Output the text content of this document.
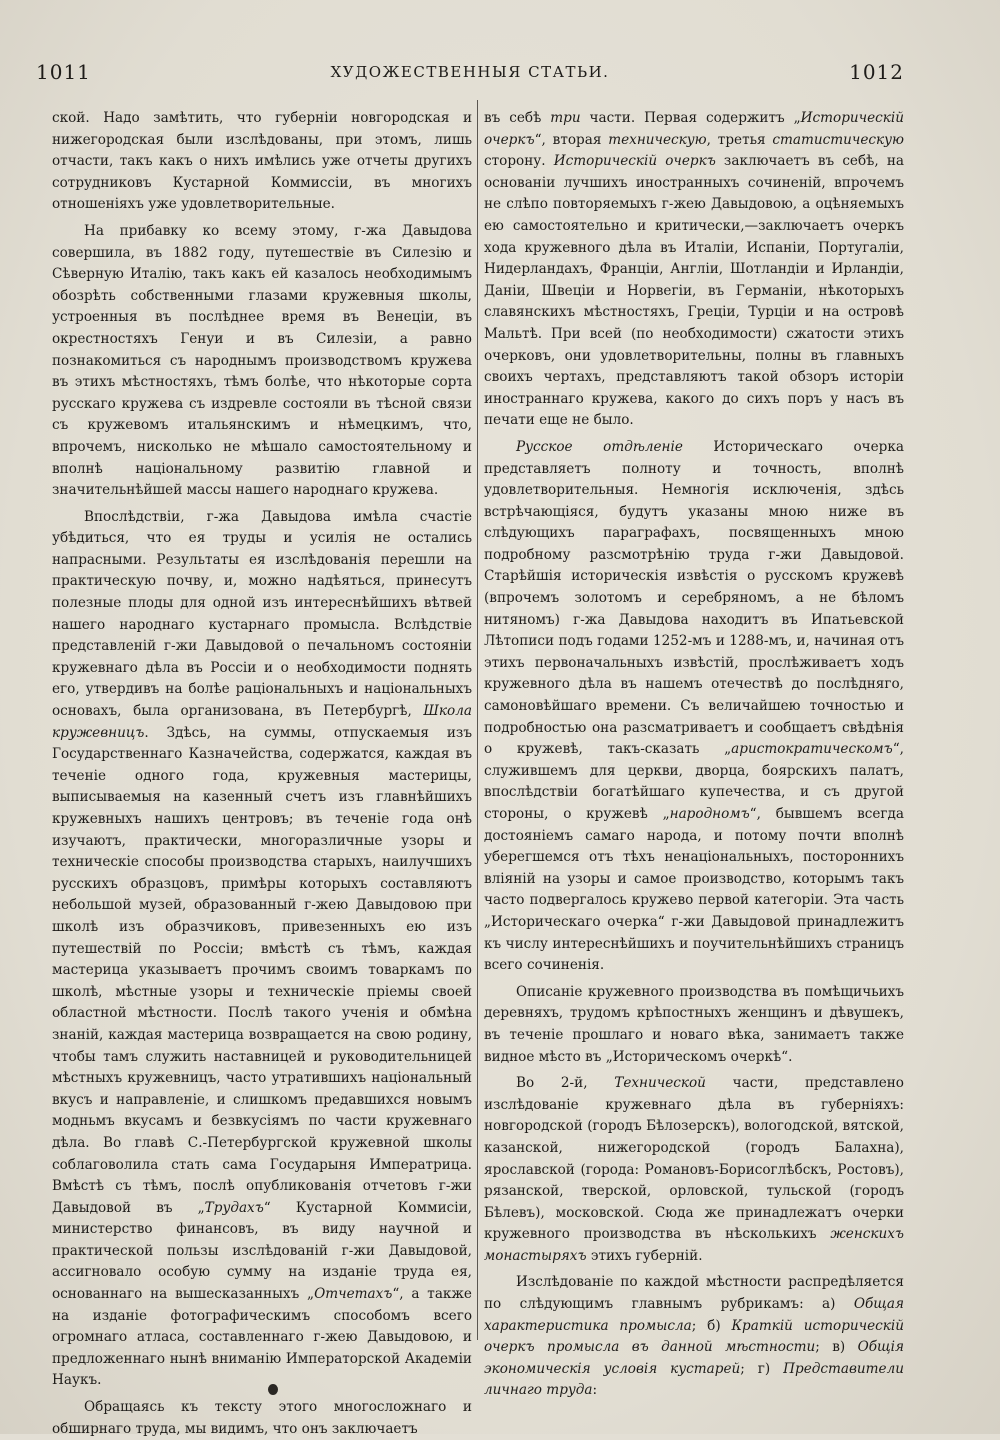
1011	ХУДОЖЕСТВЕННЫЯ СТАТЬИ.	1012

ской. Надо замѣтить, что губерніи новгородская и нижегородская были изслѣдованы, при этомъ, лишь отчасти, такъ какъ о нихъ имѣлись уже отчеты другихъ сотрудниковъ Кустарной Коммиссіи, въ многихъ отношеніяхъ уже удовлетворительные.

На прибавку ко всему этому, г-жа Давыдова совершила, въ 1882 году, путешествіе въ Силезію и Сѣверную Италію, такъ какъ ей казалось необходимымъ обозрѣть собственными глазами кружевныя школы, устроенныя въ послѣднее время въ Венеціи, въ окрестностяхъ Генуи и въ Силезіи, а равно познакомиться съ народнымъ производствомъ кружева въ этихъ мѣстностяхъ, тѣмъ болѣе, что нѣкоторые сорта русскаго кружева съ издревле состояли въ тѣсной связи съ кружевомъ итальянскимъ и нѣмецкимъ, что, впрочемъ, нисколько не мѣшало самостоятельному и вполнѣ національному развитію главной и значительнѣйшей массы нашего народнаго кружева.

Впослѣдствіи, г-жа Давыдова имѣла счастіе убѣдиться, что ея труды и усилія не остались напрасными. Результаты ея изслѣдованія перешли на практическую почву, и, можно надѣяться, принесутъ полезные плоды для одной изъ интереснѣйшихъ вѣтвей нашего народнаго кустарнаго промысла. Вслѣдствіе представленій г-жи Давыдовой о печальномъ состояніи кружевнаго дѣла въ Россіи и о необходимости поднять его, утвердивъ на болѣе раціональныхъ и національныхъ основахъ, была организована, въ Петербургѣ, Школа кружевницъ. Здѣсь, на суммы, отпускаемыя изъ Государственнаго Казначейства, содержатся, каждая въ теченіе одного года, кружевныя мастерицы, выписываемыя на казенный счетъ изъ главнѣйшихъ кружевныхъ нашихъ центровъ; въ теченіе года онѣ изучаютъ, практически, многоразличные узоры и техническіе способы производства старыхъ, наилучшихъ русскихъ образцовъ, примѣры которыхъ составляютъ небольшой музей, образованный г-жею Давыдовою при школѣ изъ образчиковъ, привезенныхъ ею изъ путешествій по Россіи; вмѣстѣ съ тѣмъ, каждая мастерица указываетъ прочимъ своимъ товаркамъ по школѣ, мѣстные узоры и техническіе пріемы своей областной мѣстности. Послѣ такого ученія и обмѣна знаній, каждая мастерица возвращается на свою родину, чтобы тамъ служить наставницей и руководительницей мѣстныхъ кружевницъ, часто утратившихъ національный вкусъ и направленіе, и слишкомъ предавшихся новымъ модньмъ вкусамъ и безвкусіямъ по части кружевнаго дѣла. Во главѣ С.-Петербургской кружевной школы соблаговолила стать сама Государыня Императрица. Вмѣстѣ съ тѣмъ, послѣ опубликованія отчетовъ г-жи Давыдовой въ „Трудахъ“ Кустарной Коммисіи, министерство финансовъ, въ виду научной и практической пользы изслѣдованій г-жи Давыдовой, ассигновало особую сумму на изданіе труда ея, основаннаго на вышесказанныхъ „Отчетахъ“, а также на изданіе фотографическимъ способомъ всего огромнаго атласа, составленнаго г-жею Давыдовою, и предложеннаго нынѣ вниманію Императорской Академіи Наукъ.

Обращаясь къ тексту этого многосложнаго и обширнаго труда, мы видимъ, что онъ заключаетъ

въ себѣ три части. Первая содержитъ „Историческій очеркъ“, вторая техническую, третья статистическую сторону. Историческій очеркъ заключаетъ въ себѣ, на основаніи лучшихъ иностранныхъ сочиненій, впрочемъ не слѣпо повторяемыхъ г-жею Давыдовою, а оцѣняемыхъ ею самостоятельно и критически,—заключаетъ очеркъ хода кружевного дѣла въ Италіи, Испаніи, Португаліи, Нидерландахъ, Франціи, Англіи, Шотландіи и Ирландіи, Даніи, Швеціи и Норвегіи, въ Германіи, нѣкоторыхъ славянскихъ мѣстностяхъ, Греціи, Турціи и на островѣ Мальтѣ. При всей (по необходимости) сжатости этихъ очерковъ, они удовлетворительны, полны въ главныхъ своихъ чертахъ, представляютъ такой обзоръ исторіи иностраннаго кружева, какого до сихъ поръ у насъ въ печати еще не было.

Русское отдѣленіе Историческаго очерка представляетъ полноту и точность, вполнѣ удовлетворительныя. Немногія исключенія, здѣсь встрѣчающіяся, будутъ указаны мною ниже въ слѣдующихъ параграфахъ, посвященныхъ мною подробному разсмотрѣнію труда г-жи Давыдовой. Старѣйшія историческія извѣстія о русскомъ кружевѣ (впрочемъ золотомъ и серебряномъ, а не бѣломъ нитяномъ) г-жа Давыдова находитъ въ Ипатьевской Лѣтописи подъ годами 1252-мъ и 1288-мъ, и, начиная отъ этихъ первоначальныхъ извѣстій, прослѣживаетъ ходъ кружевного дѣла въ нашемъ отечествѣ до послѣдняго, самоновѣйшаго времени. Съ величайшею точностью и подробностью она разсматриваетъ и сообщаетъ свѣдѣнія о кружевѣ, такъ-сказать „аристократическомъ“, служившемъ для церкви, дворца, боярскихъ палатъ, впослѣдствіи богатѣйшаго купечества, и съ другой стороны, о кружевѣ „народномъ“, бывшемъ всегда достояніемъ самаго народа, и потому почти вполнѣ уберегшемся отъ тѣхъ ненаціональныхъ, постороннихъ вліяній на узоры и самое производство, которымъ такъ часто подвергалось кружево первой категоріи. Эта часть „Историческаго очерка“ г-жи Давыдовой принадлежитъ къ числу интереснѣйшихъ и поучительнѣйшихъ страницъ всего сочиненія.

Описаніе кружевного производства въ помѣщичьихъ деревняхъ, трудомъ крѣпостныхъ женщинъ и дѣвушекъ, въ теченіе прошлаго и новаго вѣка, занимаетъ также видное мѣсто въ „Историческомъ очеркѣ“.

Во 2-й, Технической части, представлено изслѣдованіе кружевнаго дѣла въ губерніяхъ: новгородской (городъ Бѣлозерскъ), вологодской, вятской, казанской, нижегородской (городъ Балахна), ярославской (города: Романовъ-Борисоглѣбскъ, Ростовъ), рязанской, тверской, орловской, тульской (городъ Бѣлевъ), московской. Сюда же принадлежатъ очерки кружевного производства въ нѣсколькихъ женскихъ монастыряхъ этихъ губерній.

Изслѣдованіе по каждой мѣстности распредѣляется по слѣдующимъ главнымъ рубрикамъ: а) Общая характеристика промысла; б) Краткій историческій очеркъ промысла въ данной мѣстности; в) Общія экономическія условія кустарей; г) Представители личнаго труда:
